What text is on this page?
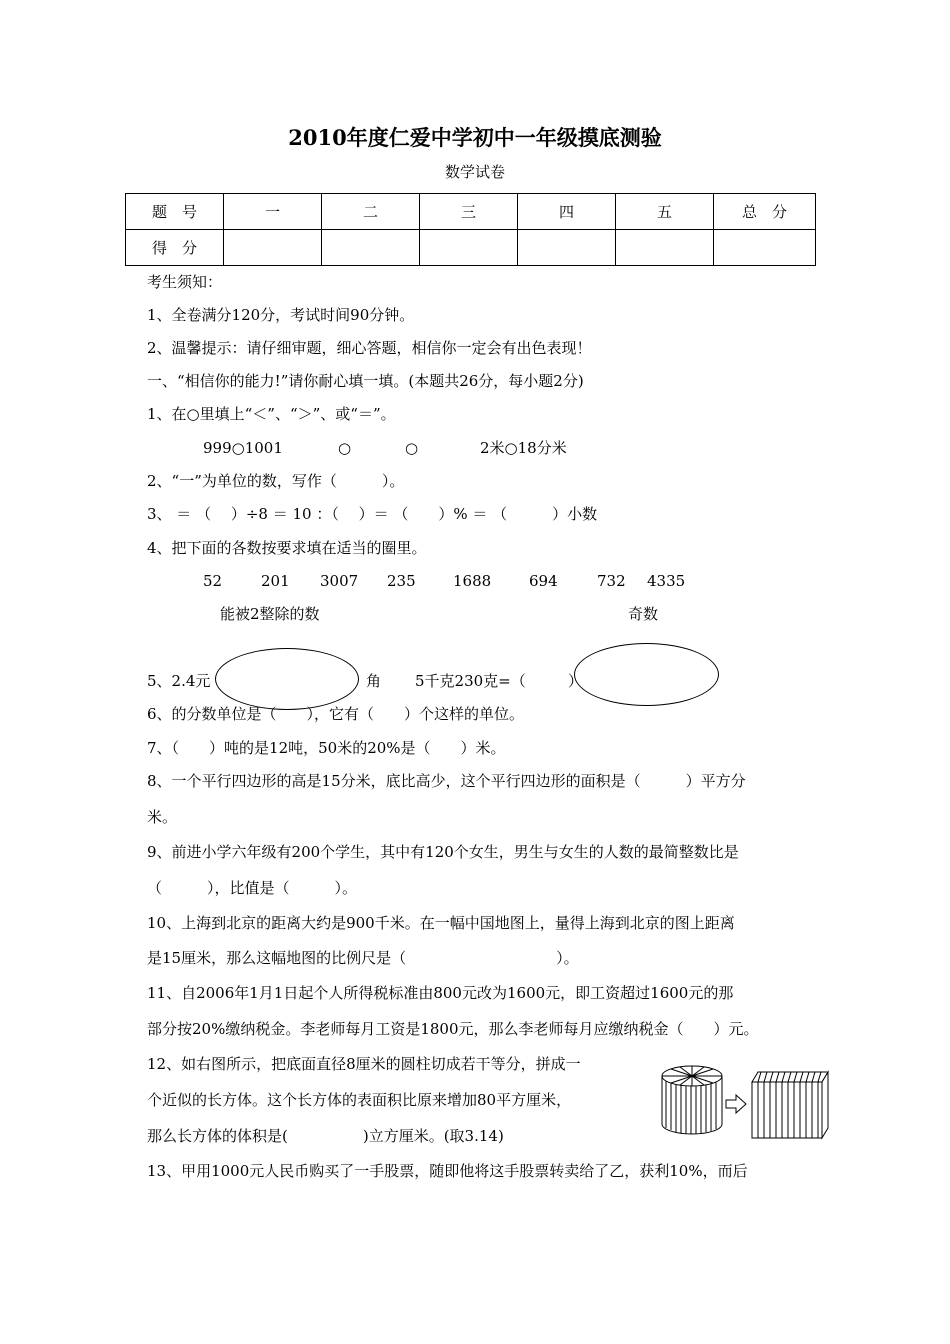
2010年度仁爱中学初中一年级摸底测验
数学试卷
题　号	一	二	三	四	五	总　分
得　分						
考生须知：
1、全卷满分120分，考试时间90分钟。
2、温馨提示：请仔细审题，细心答题，相信你一定会有出色表现！
一、“相信你的能力!”请你耐心填一填。(本题共26分，每小题2分)
1、在○里填上“＜”、“＞”、或“＝”。
999○1001	○	○	2米○18分米
2、“一”为单位的数，写作（　　　）。
3、 ＝ （　 ）÷8 ＝ 10 ：（　 ）＝ （　　）% ＝ （　　　）小数
4、把下面的各数按要求填在适当的圈里。
52	201 3007 235 1688	694	732 4335
能被2整除的数	奇数
5、2.4元	角 5千克230克=（	）
6、的分数单位是（　　），它有（　　）个这样的单位。
7、（　　）吨的是12吨，50米的20%是（　　）米。
8、一个平行四边形的高是15分米，底比高少，这个平行四边形的面积是（　　　）平方分
米。
9、前进小学六年级有200个学生，其中有120个女生，男生与女生的人数的最简整数比是
（　　　），比值是（　　　）。
10、上海到北京的距离大约是900千米。在一幅中国地图上，量得上海到北京的图上距离
是15厘米，那么这幅地图的比例尺是（　　　　　　　　　　）。
11、自2006年1月1日起个人所得税标准由800元改为1600元，即工资超过1600元的那
部分按20%缴纳税金。李老师每月工资是1800元，那么李老师每月应缴纳税金（　　）元。
12、如右图所示，把底面直径8厘米的圆柱切成若干等分，拼成一
个近似的长方体。这个长方体的表面积比原来增加80平方厘米，
那么长方体的体积是(　　　　　)立方厘米。(取3.14)
13、甲用1000元人民币购买了一手股票，随即他将这手股票转卖给了乙，获利10%，而后
